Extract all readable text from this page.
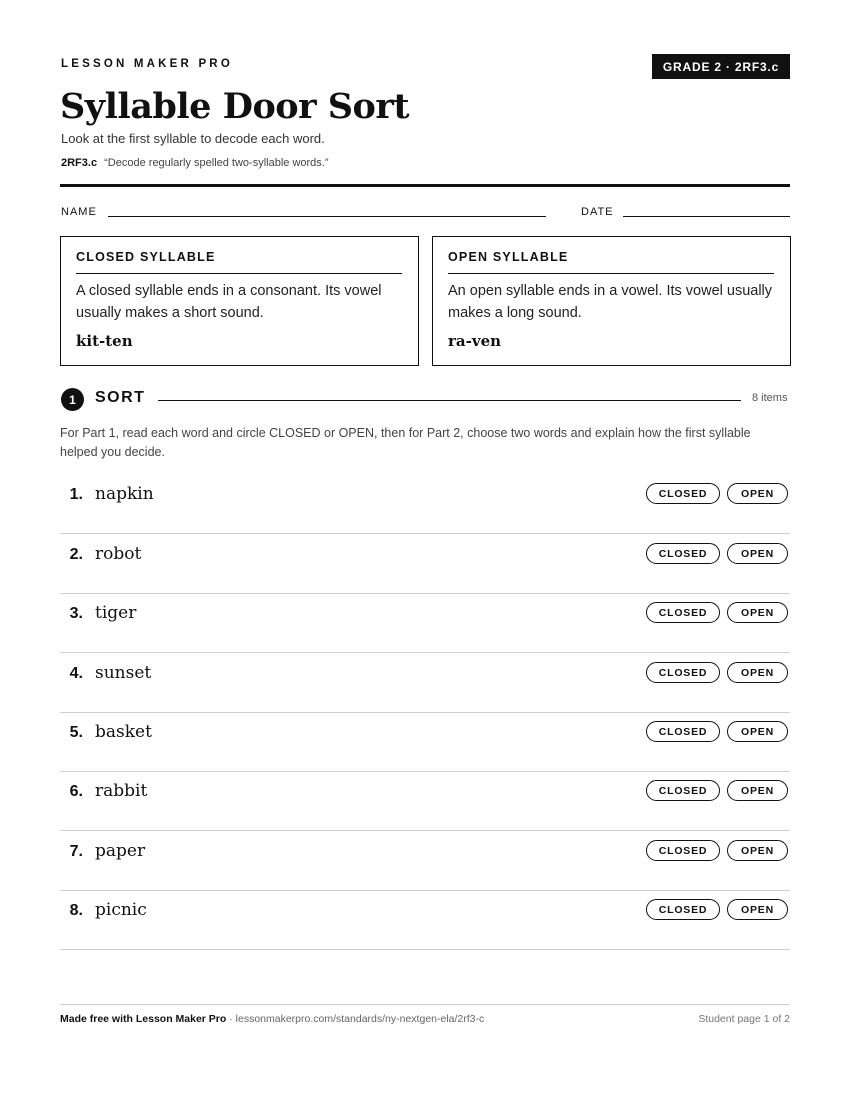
LESSON MAKER PRO	GRADE 2 · 2RF3.c
Syllable Door Sort
Look at the first syllable to decode each word.
2RF3.c “Decode regularly spelled two-syllable words.”
NAME	DATE
CLOSED SYLLABLE
A closed syllable ends in a consonant. Its vowel usually makes a short sound.
kit-ten
OPEN SYLLABLE
An open syllable ends in a vowel. Its vowel usually makes a long sound.
ra-ven
1	SORT	8 items
For Part 1, read each word and circle CLOSED or OPEN, then for Part 2, choose two words and explain how the first syllable helped you decide.
1. napkin	CLOSED	OPEN
2. robot	CLOSED	OPEN
3. tiger	CLOSED	OPEN
4. sunset	CLOSED	OPEN
5. basket	CLOSED	OPEN
6. rabbit	CLOSED	OPEN
7. paper	CLOSED	OPEN
8. picnic	CLOSED	OPEN
Made free with Lesson Maker Pro · lessonmakerpro.com/standards/ny-nextgen-ela/2rf3-c	Student page 1 of 2
